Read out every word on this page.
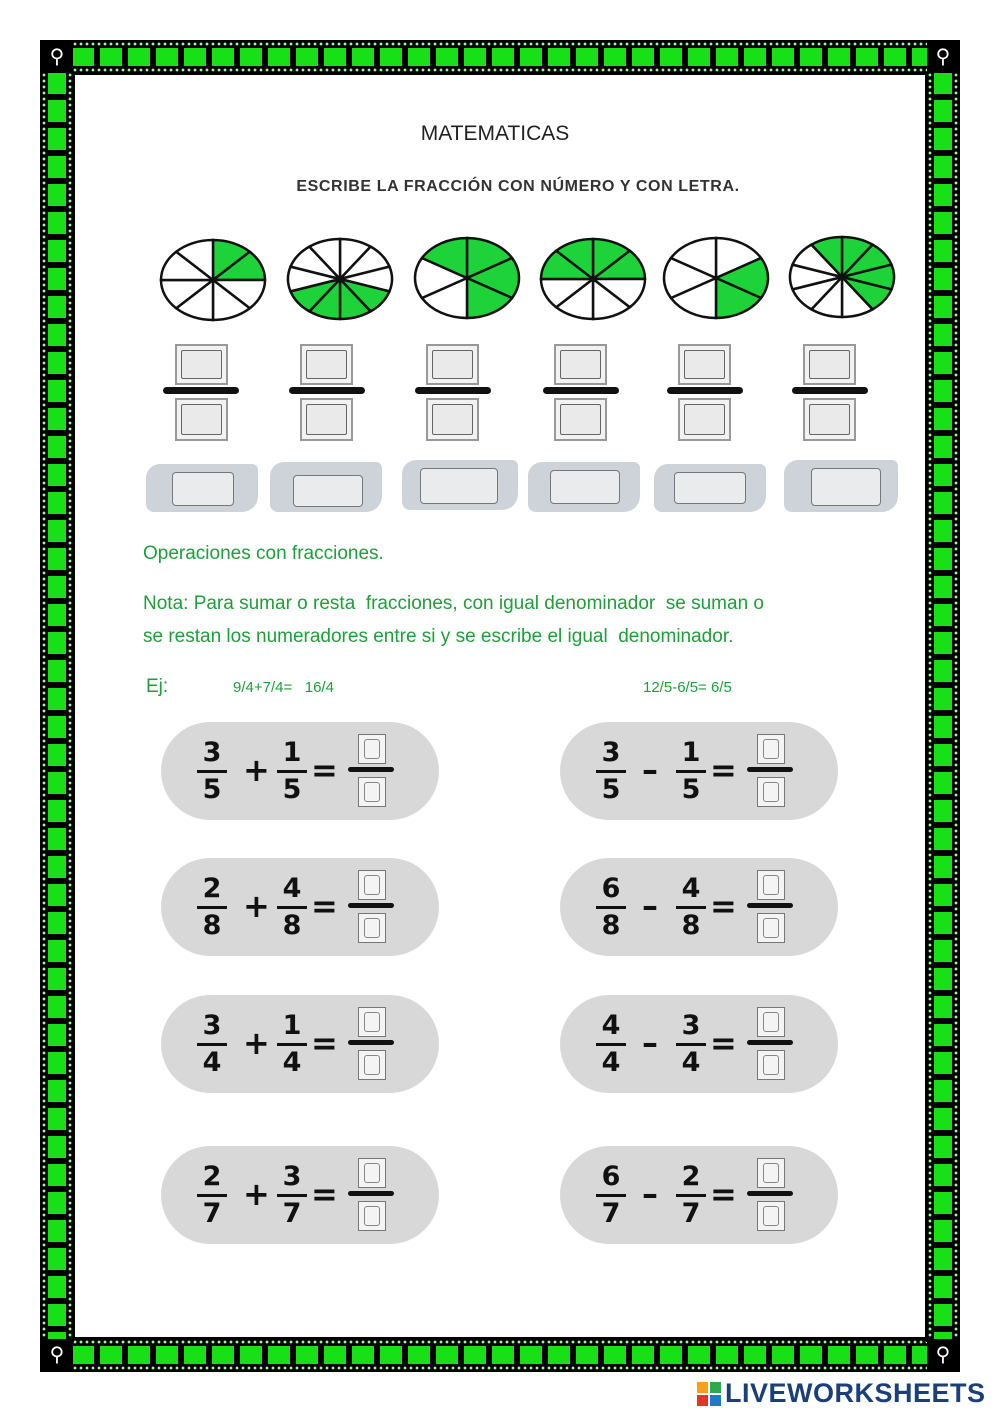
⚲	⚲
⚲	⚲
MATEMATICAS
ESCRIBE LA FRACCIÓN CON NÚMERO Y CON LETRA.
Operaciones con fracciones.
Nota: Para sumar o resta  fracciones, con igual denominador  se suman o
se restan los numeradores entre si y se escribe el igual  denominador.
Ej:	9/4+7/4=   16/4	12/5-6/5= 6/5
3
5
+ 1
5
=	3
5
– 1
5
=
2
8
+ 4
8
=	6
8
– 4
8
=
3
4
+ 1
4
=	4
4
– 3
4
=
2
7
+ 3
7
=	6
7
– 2
7
=
LIVEWORKSHEETS
